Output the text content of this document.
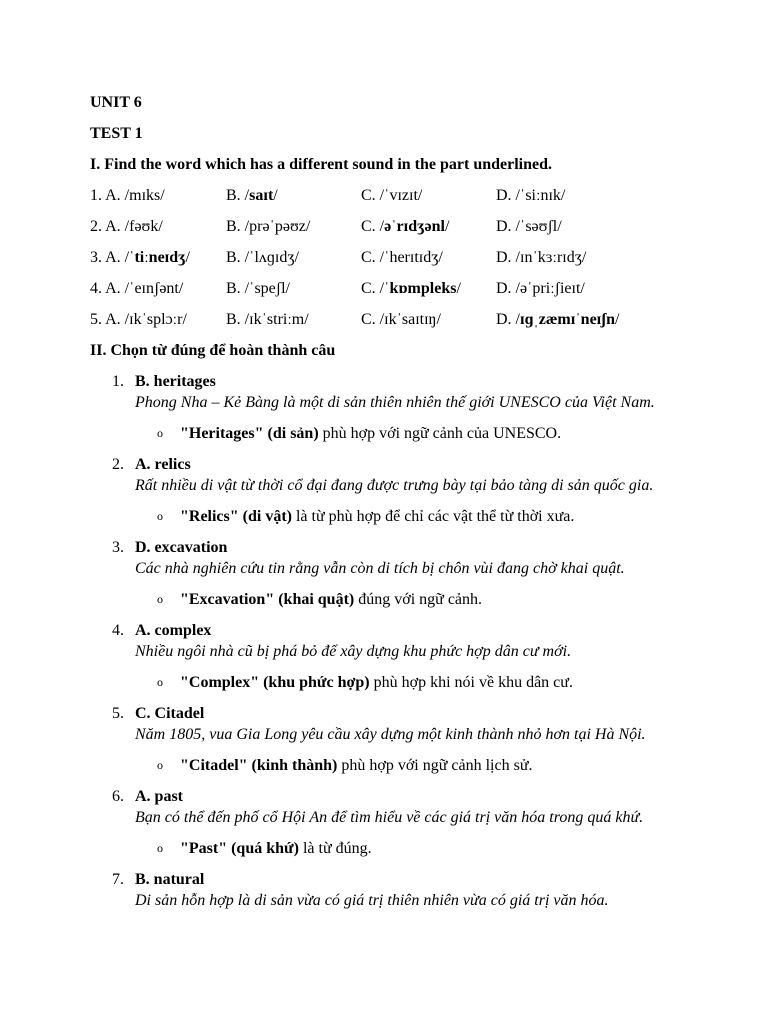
UNIT 6
TEST 1
I. Find the word which has a different sound in the part underlined.
1. A. /mɪks/	B. /saɪt/	C. /ˈvɪzɪt/	D. /ˈsiːnɪk/
2. A. /fəʊk/	B. /prəˈpəʊz/	C. /əˈrɪdʒənl/	D. /ˈsəʊʃl/
3. A. /ˈtiːneɪdʒ/	B. /ˈlʌɡɪdʒ/	C. /ˈherɪtɪdʒ/	D. /ɪnˈkɜːrɪdʒ/
4. A. /ˈeɪnʃənt/	B. /ˈspeʃl/	C. /ˈkɒmpleks/	D. /əˈpriːʃieɪt/
5. A. /ɪkˈsplɔːr/	B. /ɪkˈstriːm/	C. /ɪkˈsaɪtɪŋ/	D. /ɪɡˌzæmɪˈneɪʃn/
II. Chọn từ đúng để hoàn thành câu
1. B. heritages
Phong Nha – Kẻ Bàng là một di sản thiên nhiên thế giới UNESCO của Việt Nam.
o "Heritages" (di sản) phù hợp với ngữ cảnh của UNESCO.
2. A. relics
Rất nhiều di vật từ thời cổ đại đang được trưng bày tại bảo tàng di sản quốc gia.
o "Relics" (di vật) là từ phù hợp để chỉ các vật thể từ thời xưa.
3. D. excavation
Các nhà nghiên cứu tin rằng vẫn còn di tích bị chôn vùi đang chờ khai quật.
o "Excavation" (khai quật) đúng với ngữ cảnh.
4. A. complex
Nhiều ngôi nhà cũ bị phá bỏ để xây dựng khu phức hợp dân cư mới.
o "Complex" (khu phức hợp) phù hợp khi nói về khu dân cư.
5. C. Citadel
Năm 1805, vua Gia Long yêu cầu xây dựng một kinh thành nhỏ hơn tại Hà Nội.
o "Citadel" (kinh thành) phù hợp với ngữ cảnh lịch sử.
6. A. past
Bạn có thể đến phố cổ Hội An để tìm hiểu về các giá trị văn hóa trong quá khứ.
o "Past" (quá khứ) là từ đúng.
7. B. natural
Di sản hỗn hợp là di sản vừa có giá trị thiên nhiên vừa có giá trị văn hóa.
